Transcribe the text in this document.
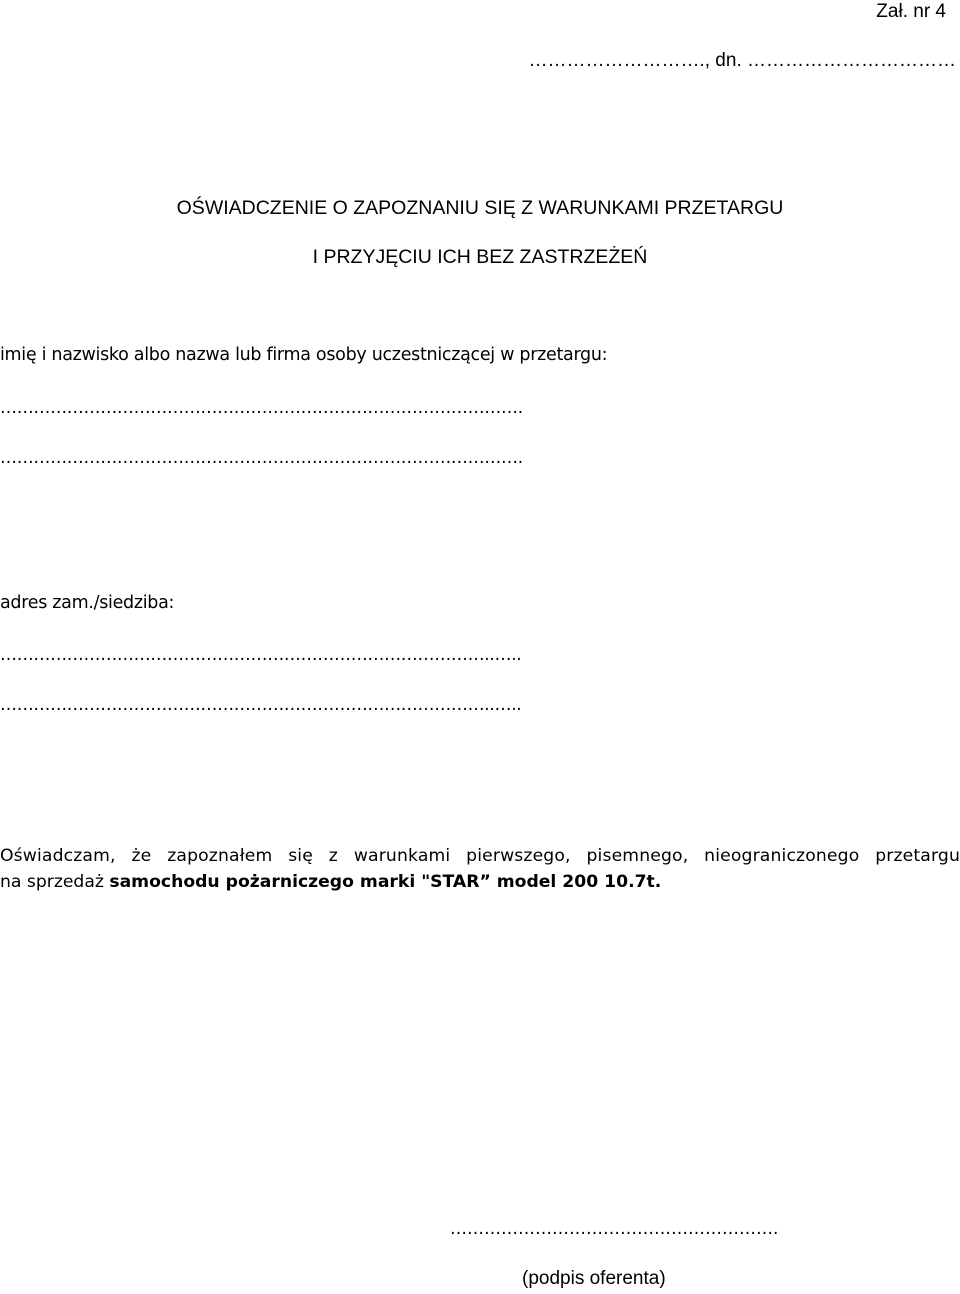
Zał. nr 4
………………………., dn. ……………………………
OŚWIADCZENIE O ZAPOZNANIU SIĘ Z WARUNKAMI PRZETARGU
I PRZYJĘCIU ICH BEZ ZASTRZEŻEŃ
imię i nazwisko albo nazwa lub firma osoby uczestniczącej w przetargu:
………………………………………………………………………………….
………………………………………………………………………………….
adres zam./siedziba:
……………………………………………………………………………..…..
……………………………………………………………………………..…..
Oświadczam, że zapoznałem się z warunkami pierwszego, pisemnego, nieograniczonego przetargu
na sprzedaż samochodu pożarniczego marki "STAR” model 200 10.7t.
………………………………………………….
(podpis oferenta)
